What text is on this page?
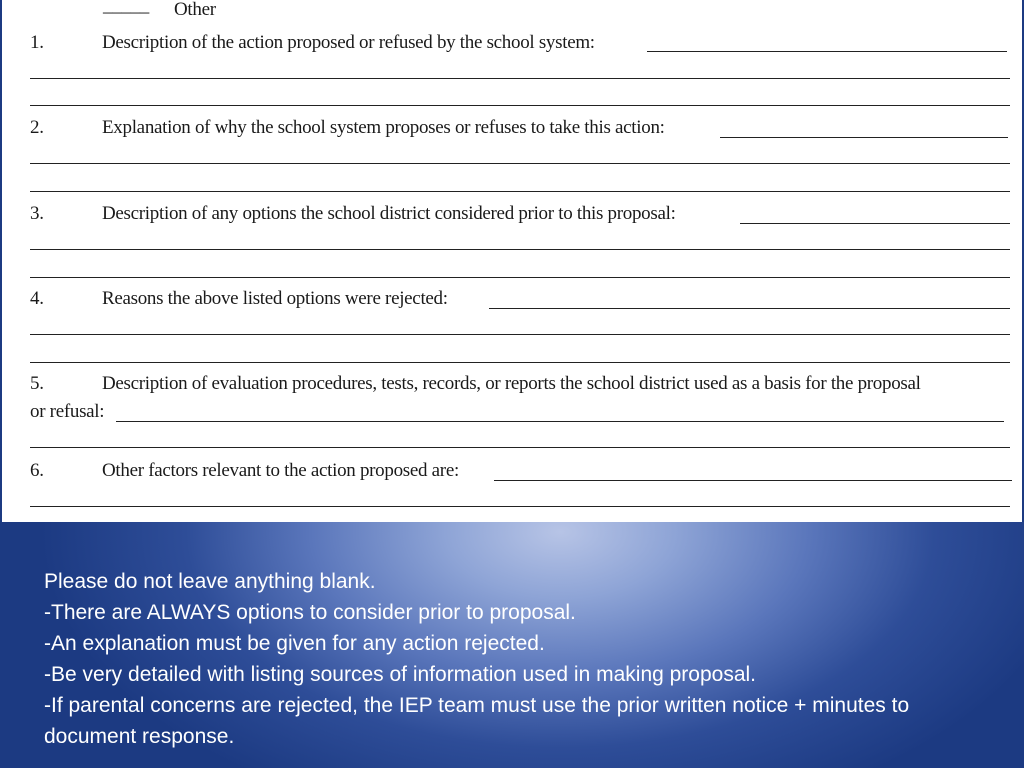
_____ Other
1.	Description of the action proposed or refused by the school system:
2.	Explanation of why the school system proposes or refuses to take this action:
3.	Description of any options the school district considered prior to this proposal:
4.	Reasons the above listed options were rejected:
5.	Description of evaluation procedures, tests, records, or reports the school district used as a basis for the proposal
or refusal:
6.	Other factors relevant to the action proposed are:
Please do not leave anything blank.
-There are ALWAYS options to consider prior to proposal.
-An explanation must be given for any action rejected.
-Be very detailed with listing sources of information used in making proposal.
-If parental concerns are rejected, the IEP team must use the prior written notice + minutes to document response.
